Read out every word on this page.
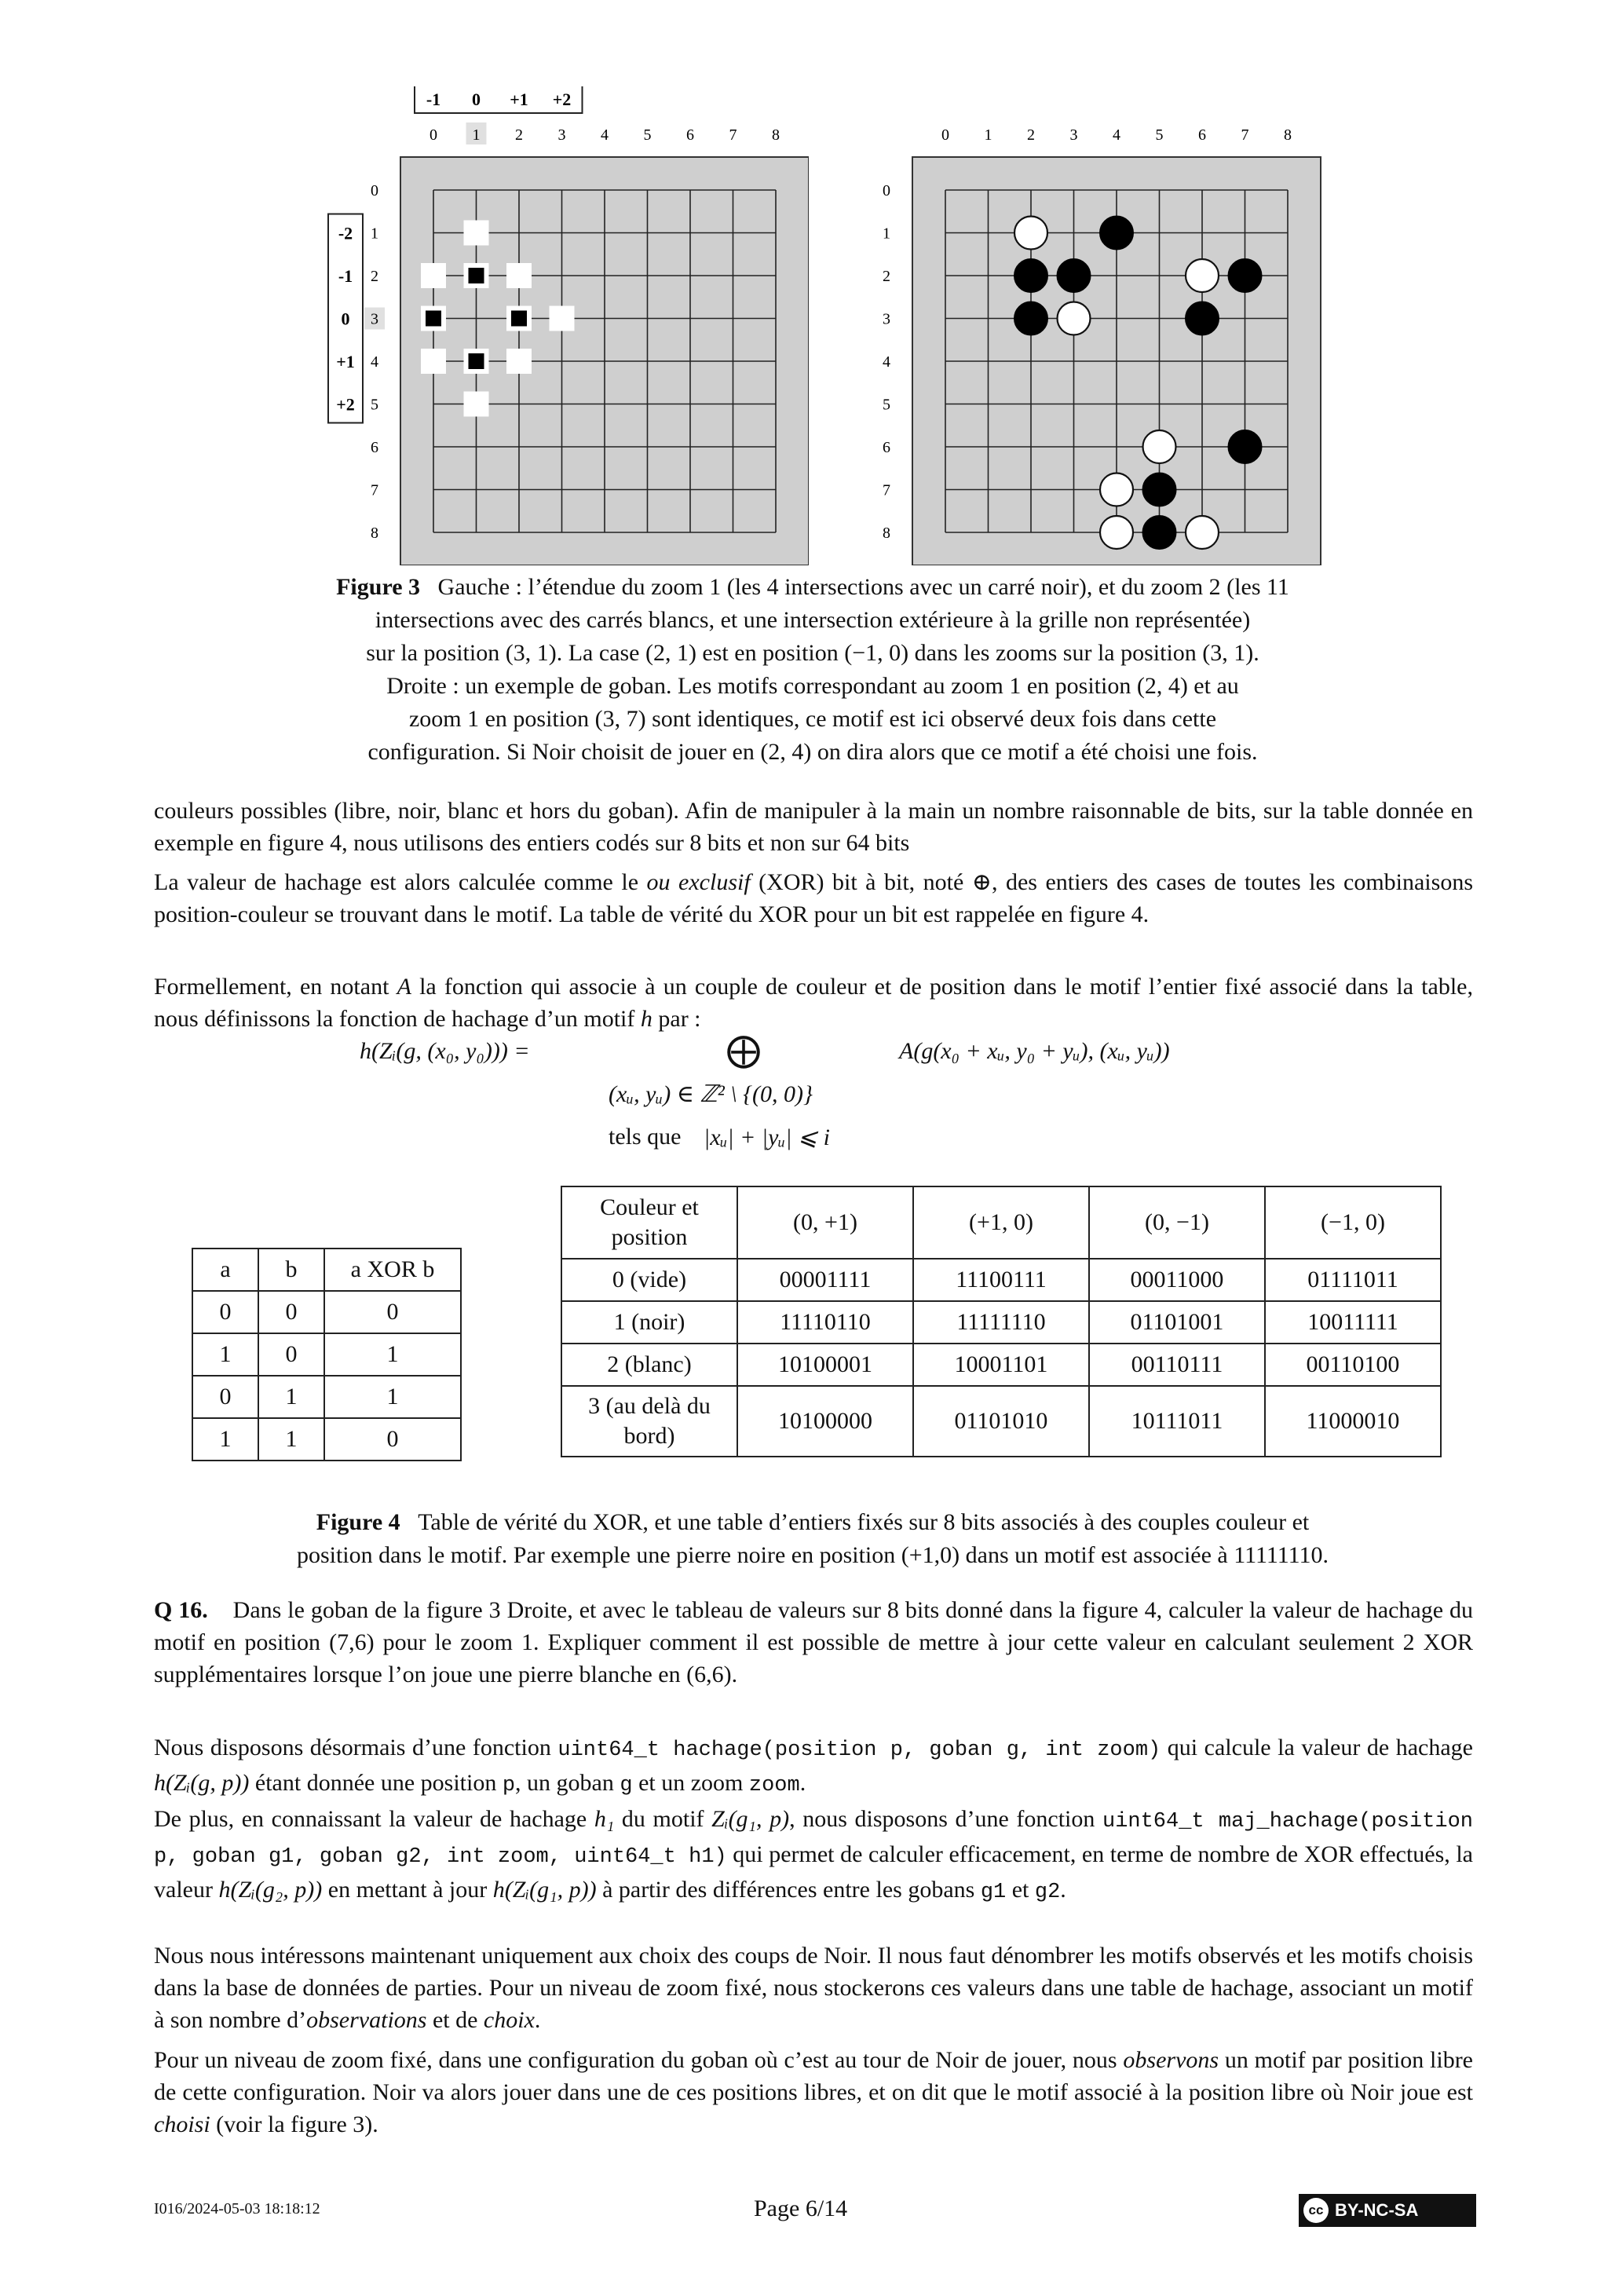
0 1 2 3 4 5 6 7 8
0
1
2
3
4
5
6
7
8
-1 0 +1 +2
-2
-1
0
+1
+2
0 1 2 3 4 5 6 7 8
0
1
2
3
4
5
6
7
8
Figure 3 Gauche : l’étendue du zoom 1 (les 4 intersections avec un carré noir), et du zoom 2 (les 11
intersections avec des carrés blancs, et une intersection extérieure à la grille non représentée)
sur la position (3, 1). La case (2, 1) est en position (−1, 0) dans les zooms sur la position (3, 1).
Droite : un exemple de goban. Les motifs correspondant au zoom 1 en position (2, 4) et au
zoom 1 en position (3, 7) sont identiques, ce motif est ici observé deux fois dans cette
configuration. Si Noir choisit de jouer en (2, 4) on dira alors que ce motif a été choisi une fois.
couleurs possibles (libre, noir, blanc et hors du goban). Afin de manipuler à la main un nombre raisonnable de bits, sur la table donnée en exemple en figure 4, nous utilisons des entiers codés sur 8 bits et non sur 64 bits
La valeur de hachage est alors calculée comme le ou exclusif (XOR) bit à bit, noté ⊕, des entiers des cases de toutes les combinaisons position-couleur se trouvant dans le motif. La table de vérité du XOR pour un bit est rappelée en figure 4.
Formellement, en notant A la fonction qui associe à un couple de couleur et de position dans le motif l’entier fixé associé dans la table, nous définissons la fonction de hachage d’un motif h par :
h(Zᵢ(g, (x₀, y₀))) =	⨁	A(g(x₀ + xᵤ, y₀ + yᵤ), (xᵤ, yᵤ))
(xᵤ, yᵤ) ∈ ℤ² \ {(0, 0)}
tels que |xᵤ| + |yᵤ| ⩽ i
a	b	a XOR b
0	0	0
1	0	1
0	1	1
1	1	0
Couleur et position	(0, +1)	(+1, 0)	(0, −1)	(−1, 0)
0 (vide)	00001111	11100111	00011000	01111011
1 (noir)	11110110	11111110	01101001	10011111
2 (blanc)	10100001	10001101	00110111	00110100
3 (au delà du bord)	10100000	01101010	10111011	11000010
Figure 4 Table de vérité du XOR, et une table d’entiers fixés sur 8 bits associés à des couples couleur et
position dans le motif. Par exemple une pierre noire en position (+1,0) dans un motif est associée à 11111110.
Q 16. Dans le goban de la figure 3 Droite, et avec le tableau de valeurs sur 8 bits donné dans la figure 4, calculer la valeur de hachage du motif en position (7,6) pour le zoom 1. Expliquer comment il est possible de mettre à jour cette valeur en calculant seulement 2 XOR supplémentaires lorsque l’on joue une pierre blanche en (6,6).
Nous disposons désormais d’une fonction uint64_t hachage(position p, goban g, int zoom) qui calcule la valeur de hachage h(Zᵢ(g, p)) étant donnée une position p, un goban g et un zoom zoom.
De plus, en connaissant la valeur de hachage h₁ du motif Zᵢ(g₁, p), nous disposons d’une fonction uint64_t maj_hachage(position p, goban g1, goban g2, int zoom, uint64_t h1) qui permet de calculer efficacement, en terme de nombre de XOR effectués, la valeur h(Zᵢ(g₂, p)) en mettant à jour h(Zᵢ(g₁, p)) à partir des différences entre les gobans g1 et g2.
Nous nous intéressons maintenant uniquement aux choix des coups de Noir. Il nous faut dénombrer les motifs observés et les motifs choisis dans la base de données de parties. Pour un niveau de zoom fixé, nous stockerons ces valeurs dans une table de hachage, associant un motif à son nombre d’observations et de choix.
Pour un niveau de zoom fixé, dans une configuration du goban où c’est au tour de Noir de jouer, nous observons un motif par position libre de cette configuration. Noir va alors jouer dans une de ces positions libres, et on dit que le motif associé à la position libre où Noir joue est choisi (voir la figure 3).
I016/2024-05-03 18:18:12	Page 6/14	cc BY-NC-SA
